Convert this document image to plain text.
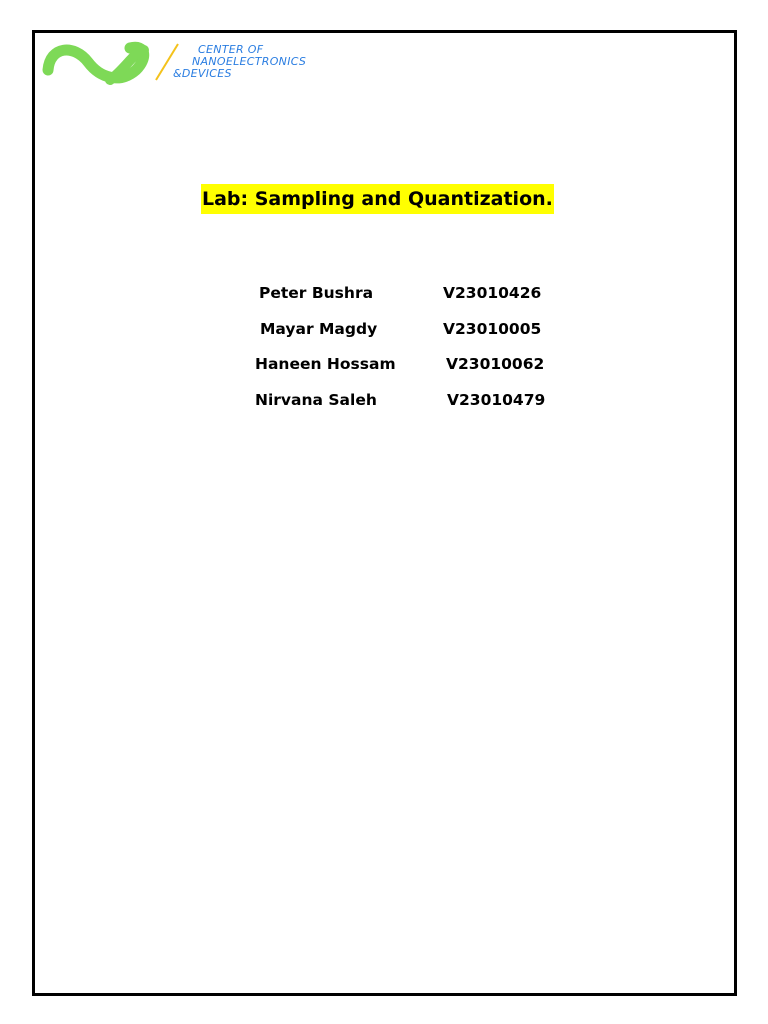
CENTER OF
NANOELECTRONICS
&DEVICES
Lab: Sampling and Quantization.
Peter Bushra	V23010426
Mayar Magdy	V23010005
Haneen Hossam	V23010062
Nirvana Saleh	V23010479
